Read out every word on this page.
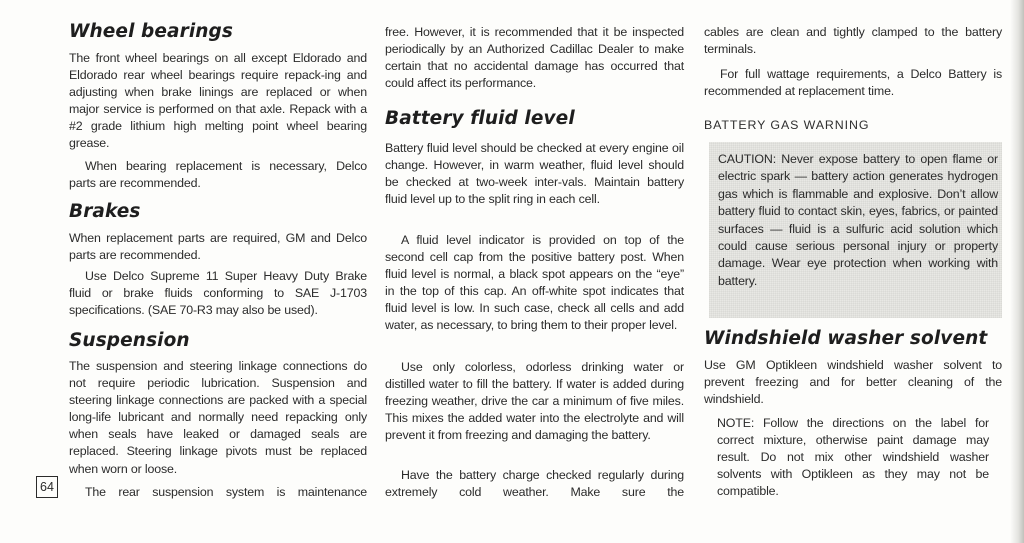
Wheel bearings

The front wheel bearings on all except Eldorado and Eldorado rear wheel bearings require repack-ing and adjusting when brake linings are replaced or when major service is performed on that axle. Repack with a #2 grade lithium high melting point wheel bearing grease.

When bearing replacement is necessary, Delco parts are recommended.

Brakes

When replacement parts are required, GM and Delco parts are recommended.

Use Delco Supreme 11 Super Heavy Duty Brake fluid or brake fluids conforming to SAE J-1703 specifications. (SAE 70-R3 may also be used).

Suspension

The suspension and steering linkage connections do not require periodic lubrication. Suspension and steering linkage connections are packed with a special long-life lubricant and normally need repacking only when seals have leaked or damaged seals are replaced. Steering linkage pivots must be replaced when worn or loose.

The rear suspension system is maintenance

64

free. However, it is recommended that it be inspected periodically by an Authorized Cadillac Dealer to make certain that no accidental damage has occurred that could affect its performance.

Battery fluid level

Battery fluid level should be checked at every engine oil change. However, in warm weather, fluid level should be checked at two-week inter-vals. Maintain battery fluid level up to the split ring in each cell.

A fluid level indicator is provided on top of the second cell cap from the positive battery post. When fluid level is normal, a black spot appears on the “eye” in the top of this cap. An off-white spot indicates that fluid level is low. In such case, check all cells and add water, as necessary, to bring them to their proper level.

Use only colorless, odorless drinking water or distilled water to fill the battery. If water is added during freezing weather, drive the car a minimum of five miles. This mixes the added water into the electrolyte and will prevent it from freezing and damaging the battery.

Have the battery charge checked regularly during extremely cold weather. Make sure the

cables are clean and tightly clamped to the battery terminals.

For full wattage requirements, a Delco Battery is recommended at replacement time.

BATTERY GAS WARNING

CAUTION: Never expose battery to open flame or electric spark — battery action generates hydrogen gas which is flammable and explosive. Don’t allow battery fluid to contact skin, eyes, fabrics, or painted surfaces — fluid is a sulfuric acid solution which could cause serious personal injury or property damage. Wear eye protection when working with battery.

Windshield washer solvent

Use GM Optikleen windshield washer solvent to prevent freezing and for better cleaning of the windshield.

NOTE: Follow the directions on the label for correct mixture, otherwise paint damage may result. Do not mix other windshield washer solvents with Optikleen as they may not be compatible.
